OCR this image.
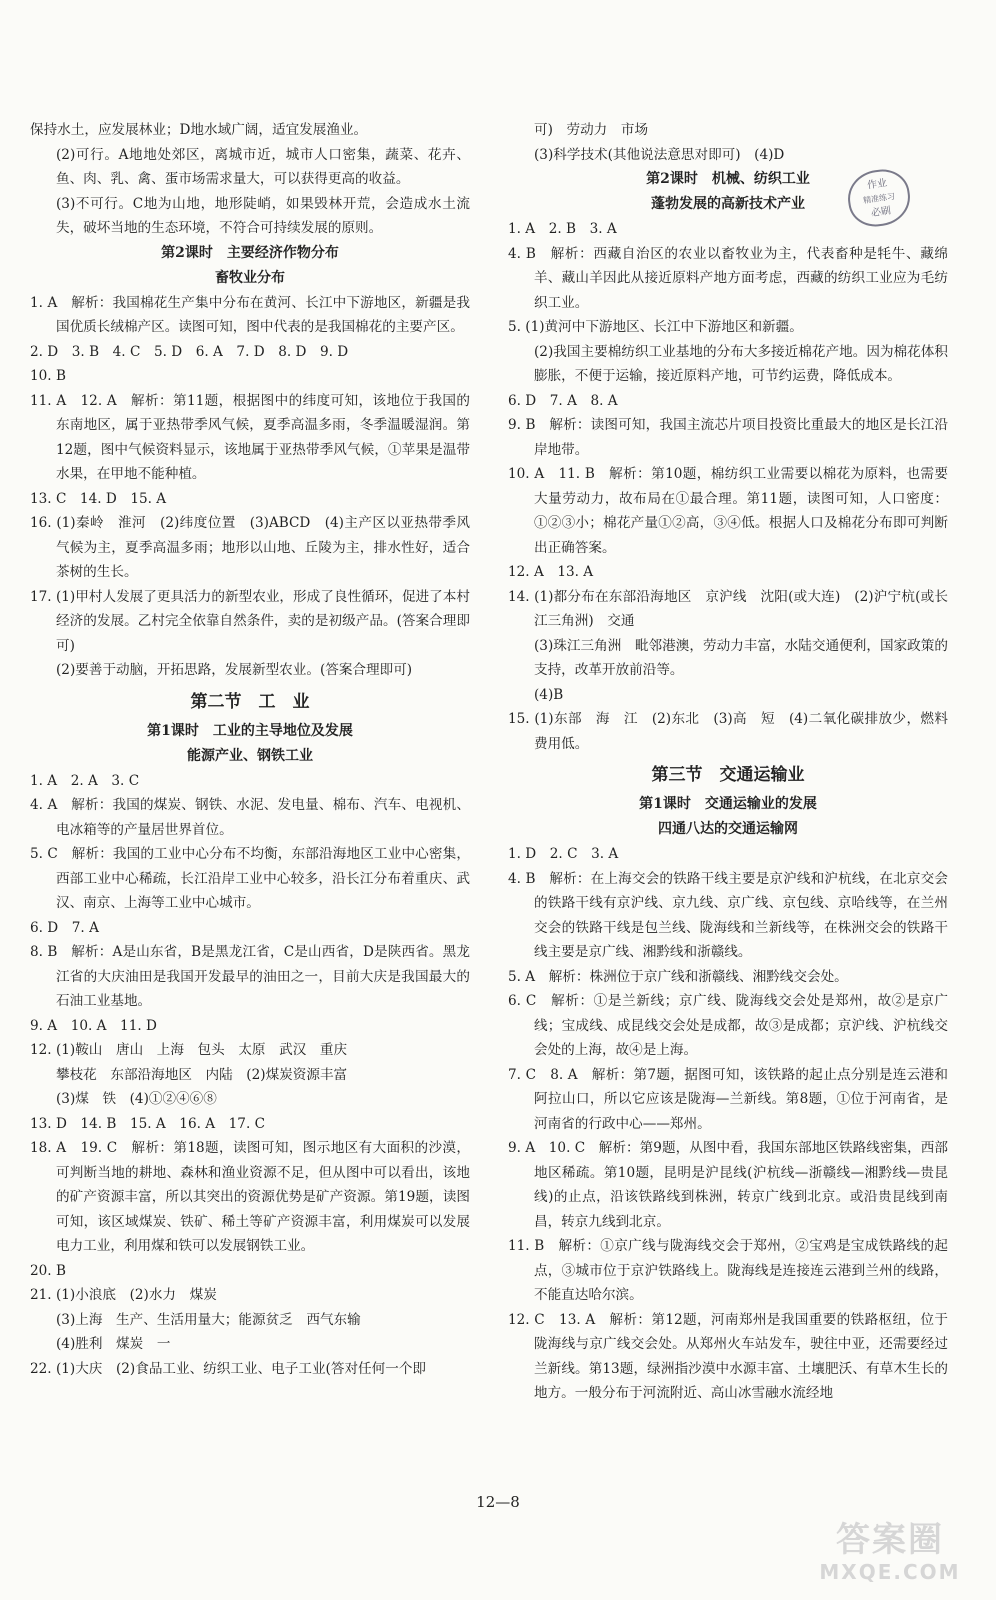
保持水土，应发展林业；D地水域广阔，适宜发展渔业。
(2)可行。A地地处郊区，离城市近，城市人口密集，蔬菜、花卉、鱼、肉、乳、禽、蛋市场需求量大，可以获得更高的收益。
(3)不可行。C地为山地，地形陡峭，如果毁林开荒，会造成水土流失，破坏当地的生态环境，不符合可持续发展的原则。
第2课时　主要经济作物分布
畜牧业分布
1. A　解析：我国棉花生产集中分布在黄河、长江中下游地区，新疆是我国优质长绒棉产区。读图可知，图中代表的是我国棉花的主要产区。
2. D　3. B　4. C　5. D　6. A　7. D　8. D　9. D
10. B
11. A　12. A　解析：第11题，根据图中的纬度可知，该地位于我国的东南地区，属于亚热带季风气候，夏季高温多雨，冬季温暖湿润。第12题，图中气候资料显示，该地属于亚热带季风气候，①苹果是温带水果，在甲地不能种植。
13. C　14. D　15. A
16. (1)秦岭　淮河　(2)纬度位置　(3)ABCD　(4)主产区以亚热带季风气候为主，夏季高温多雨；地形以山地、丘陵为主，排水性好，适合茶树的生长。
17. (1)甲村人发展了更具活力的新型农业，形成了良性循环，促进了本村经济的发展。乙村完全依靠自然条件，卖的是初级产品。(答案合理即可)
(2)要善于动脑，开拓思路，发展新型农业。(答案合理即可)
第二节　工　业
第1课时　工业的主导地位及发展
能源产业、钢铁工业
1. A　2. A　3. C
4. A　解析：我国的煤炭、钢铁、水泥、发电量、棉布、汽车、电视机、电冰箱等的产量居世界首位。
5. C　解析：我国的工业中心分布不均衡，东部沿海地区工业中心密集，西部工业中心稀疏，长江沿岸工业中心较多，沿长江分布着重庆、武汉、南京、上海等工业中心城市。
6. D　7. A
8. B　解析：A是山东省，B是黑龙江省，C是山西省，D是陕西省。黑龙江省的大庆油田是我国开发最早的油田之一，目前大庆是我国最大的石油工业基地。
9. A　10. A　11. D
12. (1)鞍山　唐山　上海　包头　太原　武汉　重庆
攀枝花　东部沿海地区　内陆　(2)煤炭资源丰富
(3)煤　铁　(4)①②④⑥⑧
13. D　14. B　15. A　16. A　17. C
18. A　19. C　解析：第18题，读图可知，图示地区有大面积的沙漠，可判断当地的耕地、森林和渔业资源不足，但从图中可以看出，该地的矿产资源丰富，所以其突出的资源优势是矿产资源。第19题，读图可知，该区域煤炭、铁矿、稀土等矿产资源丰富，利用煤炭可以发展电力工业，利用煤和铁可以发展钢铁工业。
20. B
21. (1)小浪底　(2)水力　煤炭
(3)上海　生产、生活用量大；能源贫乏　西气东输
(4)胜利　煤炭　一
22. (1)大庆　(2)食品工业、纺织工业、电子工业(答对任何一个即
可)　劳动力　市场
(3)科学技术(其他说法意思对即可)　(4)D
第2课时　机械、纺织工业
蓬勃发展的高新技术产业
1. A　2. B　3. A
4. B　解析：西藏自治区的农业以畜牧业为主，代表畜种是牦牛、藏绵羊、藏山羊因此从接近原料产地方面考虑，西藏的纺织工业应为毛纺织工业。
5. (1)黄河中下游地区、长江中下游地区和新疆。
(2)我国主要棉纺织工业基地的分布大多接近棉花产地。因为棉花体积膨胀，不便于运输，接近原料产地，可节约运费，降低成本。
6. D　7. A　8. A
9. B　解析：读图可知，我国主流芯片项目投资比重最大的地区是长江沿岸地带。
10. A　11. B　解析：第10题，棉纺织工业需要以棉花为原料，也需要大量劳动力，故布局在①最合理。第11题，读图可知，人口密度：①②③小；棉花产量①②高，③④低。根据人口及棉花分布即可判断出正确答案。
12. A　13. A
14. (1)都分布在东部沿海地区　京沪线　沈阳(或大连)　(2)沪宁杭(或长江三角洲)　交通
(3)珠江三角洲　毗邻港澳，劳动力丰富，水陆交通便利，国家政策的支持，改革开放前沿等。
(4)B
15. (1)东部　海　江　(2)东北　(3)高　短　(4)二氧化碳排放少，燃料费用低。
第三节　交通运输业
第1课时　交通运输业的发展
四通八达的交通运输网
1. D　2. C　3. A
4. B　解析：在上海交会的铁路干线主要是京沪线和沪杭线，在北京交会的铁路干线有京沪线、京九线、京广线、京包线、京哈线等，在兰州交会的铁路干线是包兰线、陇海线和兰新线等，在株洲交会的铁路干线主要是京广线、湘黔线和浙赣线。
5. A　解析：株洲位于京广线和浙赣线、湘黔线交会处。
6. C　解析：①是兰新线；京广线、陇海线交会处是郑州，故②是京广线；宝成线、成昆线交会处是成都，故③是成都；京沪线、沪杭线交会处的上海，故④是上海。
7. C　8. A　解析：第7题，据图可知，该铁路的起止点分别是连云港和阿拉山口，所以它应该是陇海—兰新线。第8题，①位于河南省，是河南省的行政中心——郑州。
9. A　10. C　解析：第9题，从图中看，我国东部地区铁路线密集，西部地区稀疏。第10题，昆明是沪昆线(沪杭线—浙赣线—湘黔线—贵昆线)的止点，沿该铁路线到株洲，转京广线到北京。或沿贵昆线到南昌，转京九线到北京。
11. B　解析：①京广线与陇海线交会于郑州，②宝鸡是宝成铁路线的起点，③城市位于京沪铁路线上。陇海线是连接连云港到兰州的线路，不能直达哈尔滨。
12. C　13. A　解析：第12题，河南郑州是我国重要的铁路枢纽，位于陇海线与京广线交会处。从郑州火车站发车，驶往中亚，还需要经过兰新线。第13题，绿洲指沙漠中水源丰富、土壤肥沃、有草木生长的地方。一般分布于河流附近、高山冰雪融水流经地
作业
精准练习
必刷
12—8
答案圈
MXQE.COM
